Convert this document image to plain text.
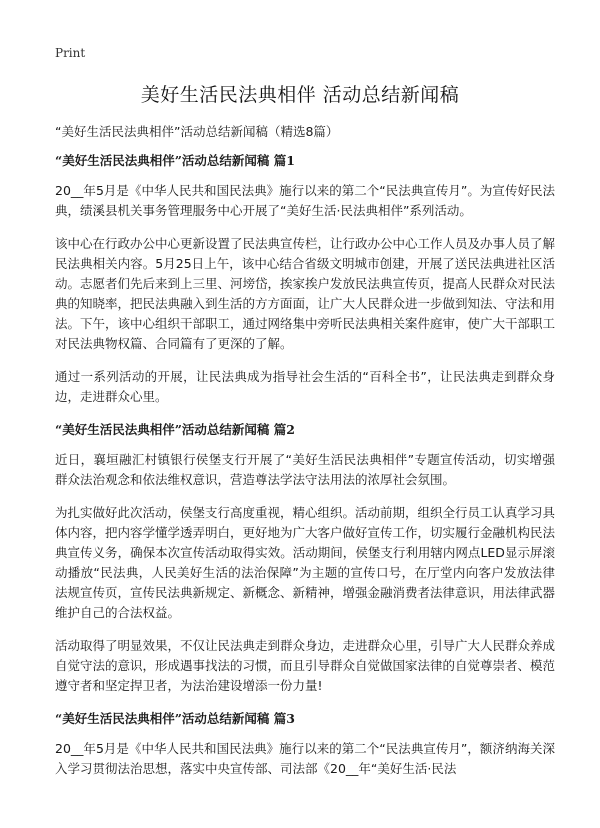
Print
美好生活民法典相伴 活动总结新闻稿
“美好生活民法典相伴”活动总结新闻稿（精选8篇）
“美好生活民法典相伴”活动总结新闻稿 篇1

20__年5月是《中华人民共和国民法典》施行以来的第二个“民法典宣传月”。为宣传好民法典，绩溪县机关事务管理服务中心开展了“美好生活·民法典相伴”系列活动。

该中心在行政办公中心更新设置了民法典宣传栏，让行政办公中心工作人员及办事人员了解民法典相关内容。5月25日上午，该中心结合省级文明城市创建，开展了送民法典进社区活动。志愿者们先后来到上三里、河塝岱，挨家挨户发放民法典宣传页，提高人民群众对民法典的知晓率，把民法典融入到生活的方方面面，让广大人民群众进一步做到知法、守法和用法。下午，该中心组织干部职工，通过网络集中旁听民法典相关案件庭审，使广大干部职工对民法典物权篇、合同篇有了更深的了解。

通过一系列活动的开展，让民法典成为指导社会生活的“百科全书”，让民法典走到群众身边，走进群众心里。

“美好生活民法典相伴”活动总结新闻稿 篇2

近日，襄垣融汇村镇银行侯堡支行开展了“美好生活民法典相伴”专题宣传活动，切实增强群众法治观念和依法维权意识，营造尊法学法守法用法的浓厚社会氛围。

为扎实做好此次活动，侯堡支行高度重视，精心组织。活动前期，组织全行员工认真学习具体内容，把内容学懂学透弄明白，更好地为广大客户做好宣传工作，切实履行金融机构民法典宣传义务，确保本次宣传活动取得实效。活动期间，侯堡支行利用辖内网点LED显示屏滚动播放“民法典，人民美好生活的法治保障”为主题的宣传口号，在厅堂内向客户发放法律法规宣传页，宣传民法典新规定、新概念、新精神，增强金融消费者法律意识，用法律武器维护自己的合法权益。

活动取得了明显效果，不仅让民法典走到群众身边，走进群众心里，引导广大人民群众养成自觉守法的意识，形成遇事找法的习惯，而且引导群众自觉做国家法律的自觉尊崇者、模范遵守者和坚定捍卫者，为法治建设增添一份力量!

“美好生活民法典相伴”活动总结新闻稿 篇3

20__年5月是《中华人民共和国民法典》施行以来的第二个“民法典宣传月”，额济纳海关深入学习贯彻法治思想，落实中央宣传部、司法部《20__年“美好生活·民法
